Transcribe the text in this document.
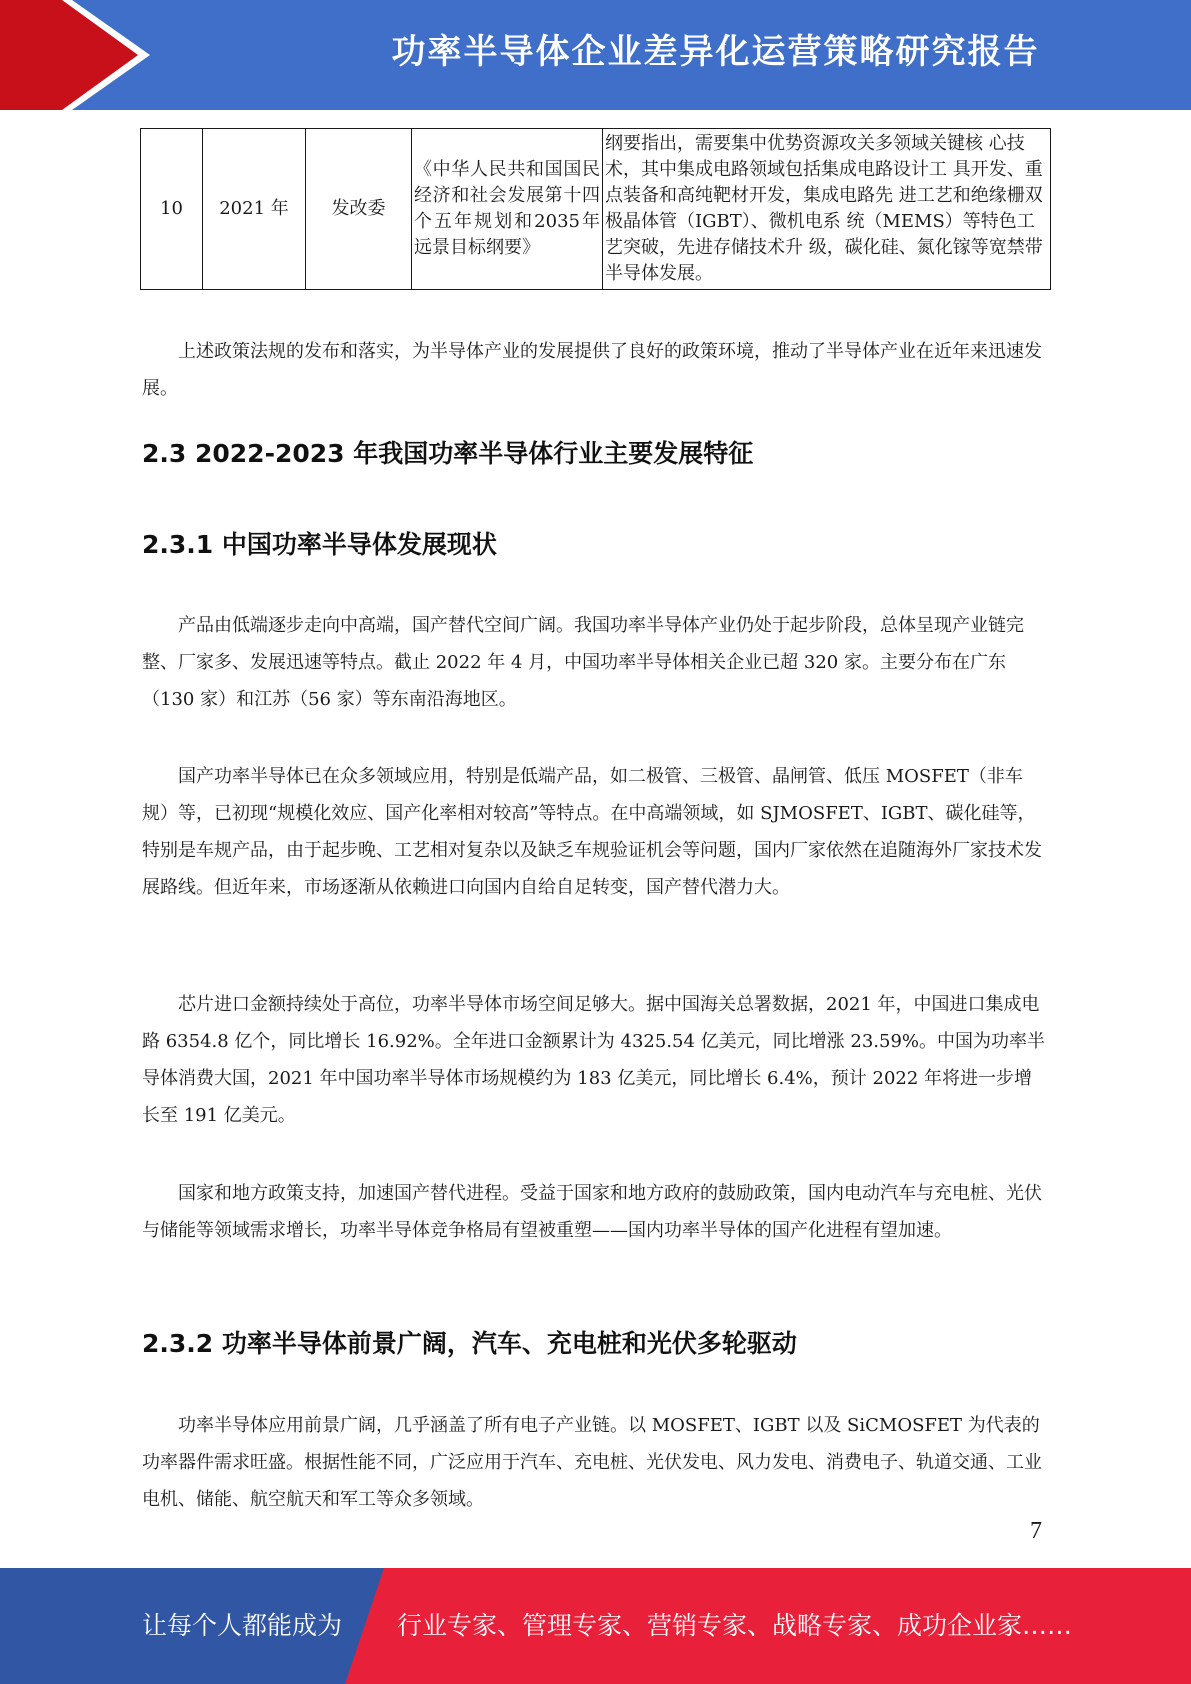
功率半导体企业差异化运营策略研究报告
10	2021 年	发改委	《中华人民共和国国民经济和社会发展第十四个五年规划和2035年远景目标纲要》	纲要指出，需要集中优势资源攻关多领域关键核 心技术，其中集成电路领域包括集成电路设计工 具开发、重点装备和高纯靶材开发，集成电路先 进工艺和绝缘栅双极晶体管（IGBT）、微机电系 统（MEMS）等特色工艺突破，先进存储技术升 级，碳化硅、氮化镓等宽禁带半导体发展。

上述政策法规的发布和落实，为半导体产业的发展提供了良好的政策环境，推动了半导体产业在近年来迅速发展。

2.3 2022-2023 年我国功率半导体行业主要发展特征
2.3.1 中国功率半导体发展现状

产品由低端逐步走向中高端，国产替代空间广阔。我国功率半导体产业仍处于起步阶段，总体呈现产业链完整、厂家多、发展迅速等特点。截止 2022 年 4 月，中国功率半导体相关企业已超 320 家。主要分布在广东（130 家）和江苏（56 家）等东南沿海地区。

国产功率半导体已在众多领域应用，特别是低端产品，如二极管、三极管、晶闸管、低压 MOSFET（非车规）等，已初现“规模化效应、国产化率相对较高”等特点。在中高端领域，如 SJMOSFET、IGBT、碳化硅等，特别是车规产品，由于起步晚、工艺相对复杂以及缺乏车规验证机会等问题，国内厂家依然在追随海外厂家技术发展路线。但近年来，市场逐渐从依赖进口向国内自给自足转变，国产替代潜力大。

芯片进口金额持续处于高位，功率半导体市场空间足够大。据中国海关总署数据，2021 年，中国进口集成电路 6354.8 亿个，同比增长 16.92%。全年进口金额累计为 4325.54 亿美元，同比增涨 23.59%。中国为功率半导体消费大国，2021 年中国功率半导体市场规模约为 183 亿美元，同比增长 6.4%，预计 2022 年将进一步增长至 191 亿美元。

国家和地方政策支持，加速国产替代进程。受益于国家和地方政府的鼓励政策，国内电动汽车与充电桩、光伏与储能等领域需求增长，功率半导体竞争格局有望被重塑——国内功率半导体的国产化进程有望加速。

2.3.2 功率半导体前景广阔，汽车、充电桩和光伏多轮驱动

功率半导体应用前景广阔，几乎涵盖了所有电子产业链。以 MOSFET、IGBT 以及 SiCMOSFET 为代表的功率器件需求旺盛。根据性能不同，广泛应用于汽车、充电桩、光伏发电、风力发电、消费电子、轨道交通、工业电机、储能、航空航天和军工等众多领域。

7
让每个人都能成为 行业专家、管理专家、营销专家、战略专家、成功企业家……
